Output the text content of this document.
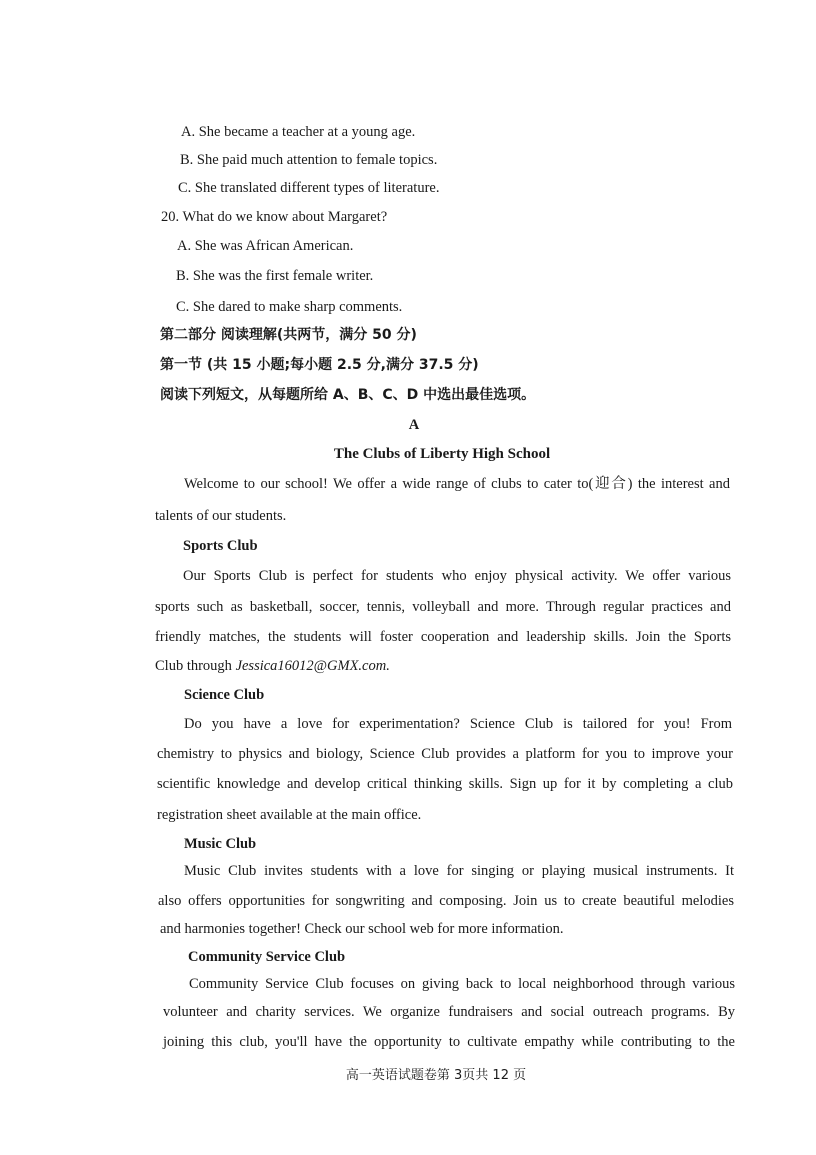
A. She became a teacher at a young age.
B. She paid much attention to female topics.
C. She translated different types of literature.
20. What do we know about Margaret?
A. She was African American.
B. She was the first female writer.
C. She dared to make sharp comments.
第二部分 阅读理解(共两节，满分 50 分)
第一节 (共 15 小题;每小题 2.5 分,满分 37.5 分)
阅读下列短文，从每题所给 A、B、C、D 中选出最佳选项。
A
The Clubs of Liberty High School
Welcome to our school! We offer a wide range of clubs to cater to(迎合) the interest and
talents of our students.
Sports Club
Our Sports Club is perfect for students who enjoy physical activity. We offer various
sports such as basketball, soccer, tennis, volleyball and more. Through regular practices and
friendly matches, the students will foster cooperation and leadership skills. Join the Sports
Club through Jessica16012@GMX.com.
Science Club
Do you have a love for experimentation? Science Club is tailored for you! From
chemistry to physics and biology, Science Club provides a platform for you to improve your
scientific knowledge and develop critical thinking skills. Sign up for it by completing a club
registration sheet available at the main office.
Music Club
Music Club invites students with a love for singing or playing musical instruments. It
also offers opportunities for songwriting and composing. Join us to create beautiful melodies
and harmonies together! Check our school web for more information.
Community Service Club
Community Service Club focuses on giving back to local neighborhood through various
volunteer and charity services. We organize fundraisers and social outreach programs. By
joining this club, you'll have the opportunity to cultivate empathy while contributing to the
高一英语试题卷第 3页共 12 页
